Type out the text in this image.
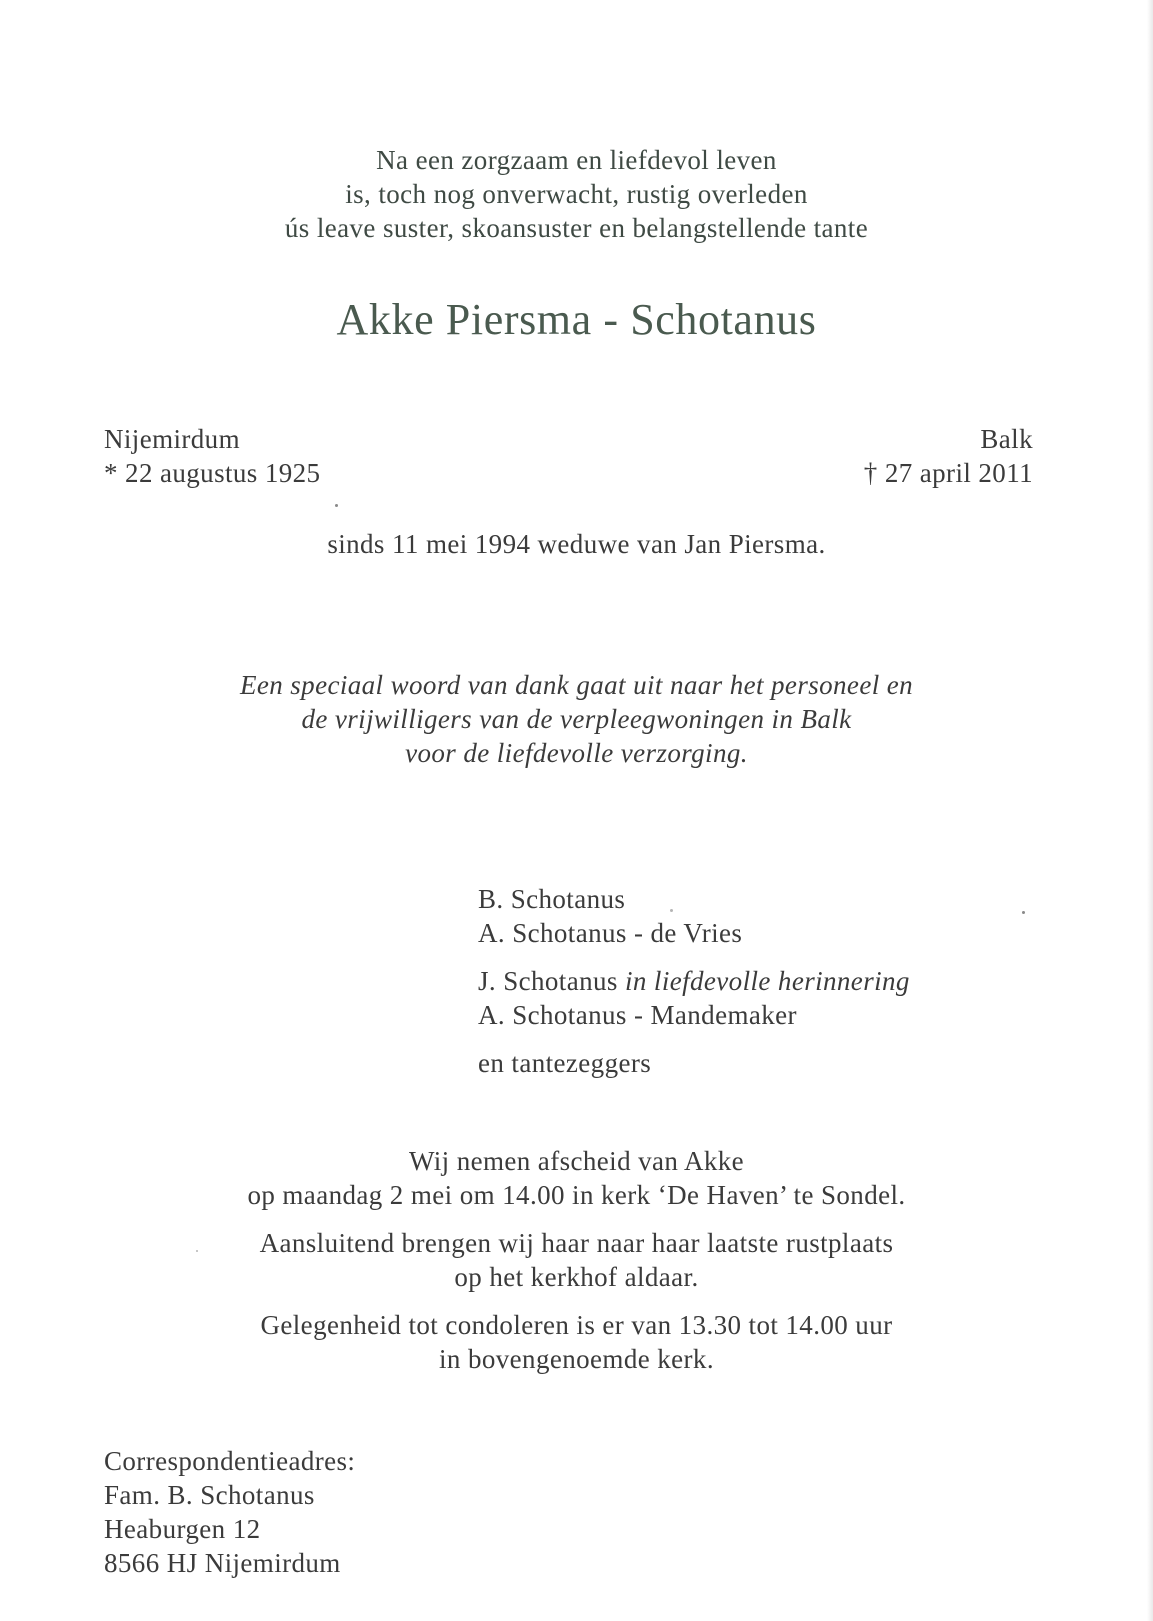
Na een zorgzaam en liefdevol leven
is, toch nog onverwacht, rustig overleden
ús leave suster, skoansuster en belangstellende tante
Akke Piersma - Schotanus
Nijemirdum
* 22 augustus 1925
Balk
† 27 april 2011
sinds 11 mei 1994 weduwe van Jan Piersma.
Een speciaal woord van dank gaat uit naar het personeel en
de vrijwilligers van de verpleegwoningen in Balk
voor de liefdevolle verzorging.
B. Schotanus
A. Schotanus - de Vries
J. Schotanus in liefdevolle herinnering
A. Schotanus - Mandemaker
en tantezeggers
Wij nemen afscheid van Akke
op maandag 2 mei om 14.00 in kerk ‘De Haven’ te Sondel.
Aansluitend brengen wij haar naar haar laatste rustplaats
op het kerkhof aldaar.
Gelegenheid tot condoleren is er van 13.30 tot 14.00 uur
in bovengenoemde kerk.
Correspondentieadres:
Fam. B. Schotanus
Heaburgen 12
8566 HJ Nijemirdum
